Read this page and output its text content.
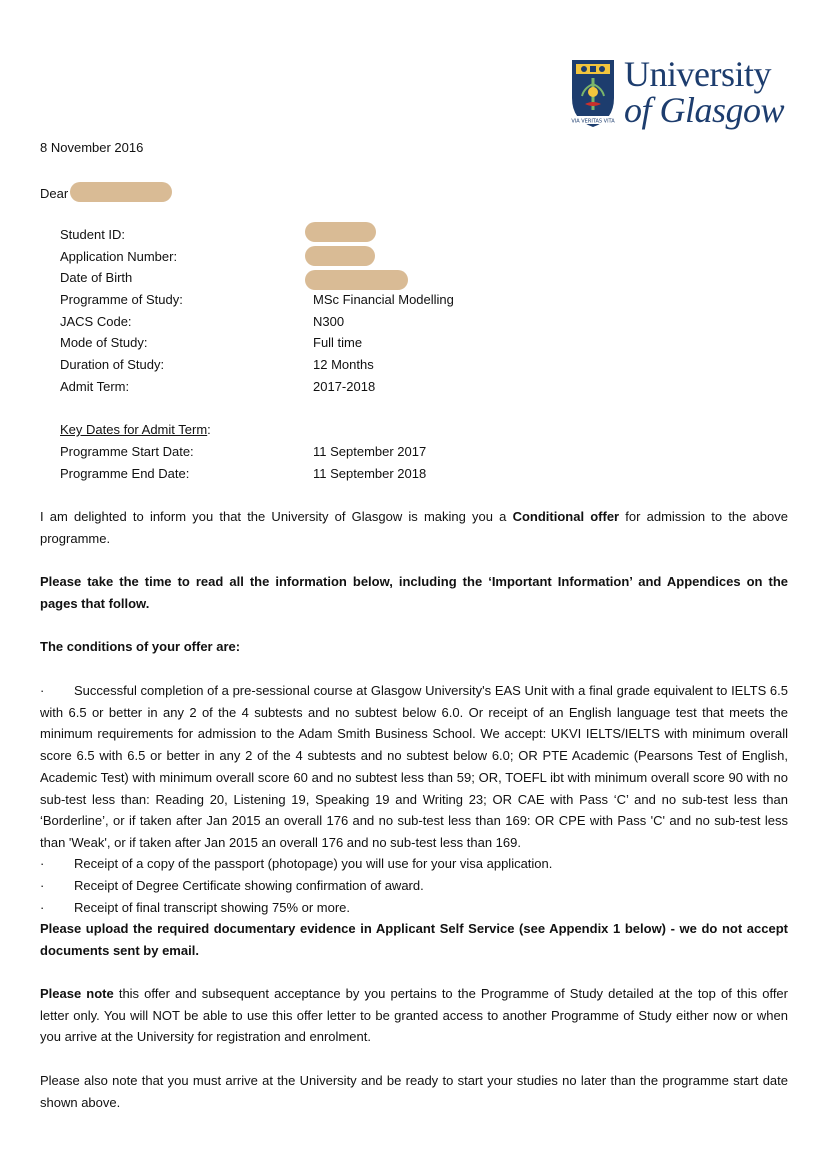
VIA VERITAS VITA
University
of Glasgow
8 November 2016
Dear
Student ID:
Application Number:
Date of Birth
Programme of Study:	MSc Financial Modelling
JACS Code:	N300
Mode of Study:	Full time
Duration of Study:	12 Months
Admit Term:	2017-2018
Key Dates for Admit Term:
Programme Start Date:	11 September 2017
Programme End Date:	11 September 2018
I am delighted to inform you that the University of Glasgow is making you a Conditional offer for admission to the above programme.
Please take the time to read all the information below, including the ‘Important Information’ and Appendices on the pages that follow.
The conditions of your offer are:
· Successful completion of a pre-sessional course at Glasgow University's EAS Unit with a final grade equivalent to IELTS 6.5 with 6.5 or better in any 2 of the 4 subtests and no subtest below 6.0. Or receipt of an English language test that meets the minimum requirements for admission to the Adam Smith Business School. We accept: UKVI IELTS/IELTS with minimum overall score 6.5 with 6.5 or better in any 2 of the 4 subtests and no subtest below 6.0; OR PTE Academic (Pearsons Test of English, Academic Test) with minimum overall score 60 and no subtest less than 59; OR, TOEFL ibt with minimum overall score 90 with no sub-test less than: Reading 20, Listening 19, Speaking 19 and Writing 23; OR CAE with Pass ‘C’ and no sub-test less than ‘Borderline’, or if taken after Jan 2015 an overall 176 and no sub-test less than 169: OR CPE with Pass 'C' and no sub-test less than 'Weak', or if taken after Jan 2015 an overall 176 and no sub-test less than 169.
· Receipt of a copy of the passport (photopage) you will use for your visa application.
· Receipt of Degree Certificate showing confirmation of award.
· Receipt of final transcript showing 75% or more.
Please upload the required documentary evidence in Applicant Self Service (see Appendix 1 below) - we do not accept documents sent by email.
Please note this offer and subsequent acceptance by you pertains to the Programme of Study detailed at the top of this offer letter only. You will NOT be able to use this offer letter to be granted access to another Programme of Study either now or when you arrive at the University for registration and enrolment.
Please also note that you must arrive at the University and be ready to start your studies no later than the programme start date shown above.
